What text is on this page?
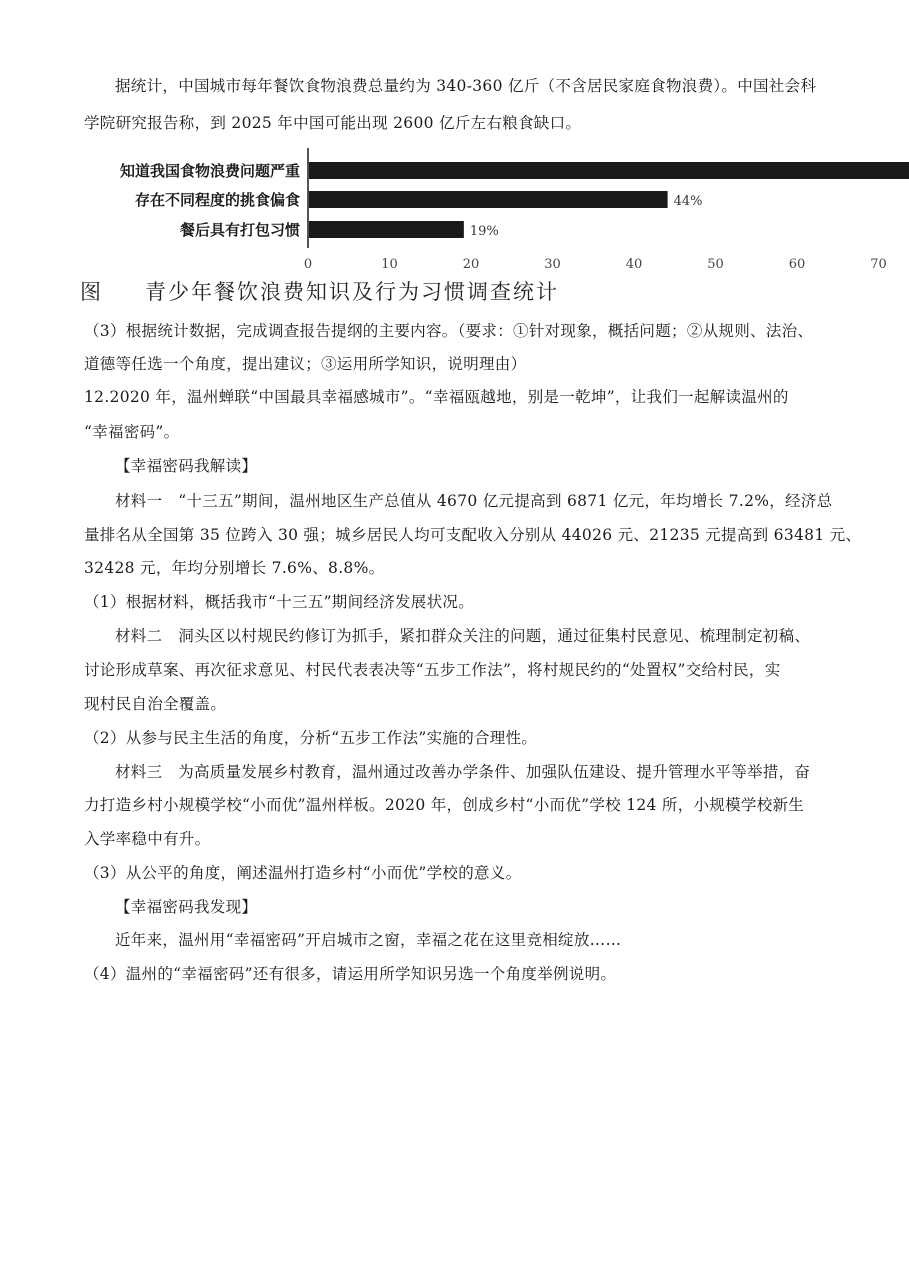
据统计，中国城市每年餐饮食物浪费总量约为 340-360 亿斤（不含居民家庭食物浪费）。中国社会科
学院研究报告称，到 2025 年中国可能出现 2600 亿斤左右粮食缺口。
知道我国食物浪费问题严重
存在不同程度的挑食偏食	44%
餐后具有打包习惯	19%
0	10	20	30	40	50	60	70
图 青少年餐饮浪费知识及行为习惯调查统计
（3）根据统计数据，完成调查报告提纲的主要内容。（要求：①针对现象，概括问题；②从规则、法治、
道德等任选一个角度，提出建议；③运用所学知识，说明理由）
12.2020 年，温州蝉联“中国最具幸福感城市”。“幸福瓯越地，别是一乾坤”，让我们一起解读温州的
“幸福密码”。
【幸福密码我解读】
材料一　“十三五”期间，温州地区生产总值从 4670 亿元提高到 6871 亿元，年均增长 7.2%，经济总
量排名从全国第 35 位跨入 30 强；城乡居民人均可支配收入分别从 44026 元、21235 元提高到 63481 元、
32428 元，年均分别增长 7.6%、8.8%。
（1）根据材料，概括我市“十三五”期间经济发展状况。
材料二　洞头区以村规民约修订为抓手，紧扣群众关注的问题，通过征集村民意见、梳理制定初稿、
讨论形成草案、再次征求意见、村民代表表决等“五步工作法”，将村规民约的“处置权”交给村民，实
现村民自治全覆盖。
（2）从参与民主生活的角度，分析“五步工作法”实施的合理性。
材料三　为高质量发展乡村教育，温州通过改善办学条件、加强队伍建设、提升管理水平等举措，奋
力打造乡村小规模学校“小而优”温州样板。2020 年，创成乡村“小而优”学校 124 所，小规模学校新生
入学率稳中有升。
（3）从公平的角度，阐述温州打造乡村“小而优”学校的意义。
【幸福密码我发现】
近年来，温州用“幸福密码”开启城市之窗，幸福之花在这里竞相绽放……
（4）温州的“幸福密码”还有很多，请运用所学知识另选一个角度举例说明。
